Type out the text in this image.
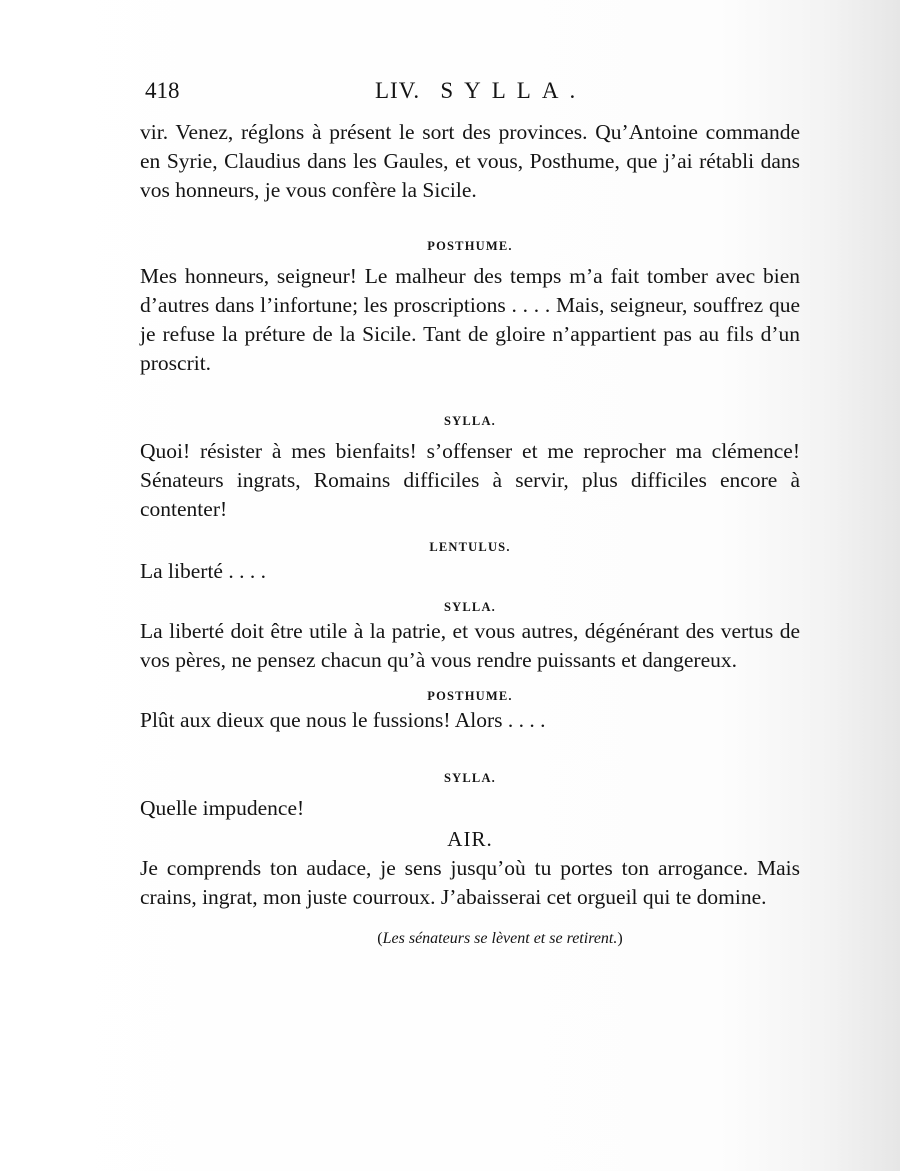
418	LIV. SYLLA.

vir. Venez, réglons à présent le sort des provinces. Qu’Antoine commande en Syrie, Claudius dans les Gaules, et vous, Posthume, que j’ai rétabli dans vos honneurs, je vous confère la Sicile.

POSTHUME.

Mes honneurs, seigneur! Le malheur des temps m’a fait tomber avec bien d’autres dans l’infortune; les proscriptions . . . . Mais, seigneur, souffrez que je refuse la préture de la Sicile. Tant de gloire n’appartient pas au fils d’un proscrit.

SYLLA.

Quoi! résister à mes bienfaits! s’offenser et me reprocher ma clémence! Sénateurs ingrats, Romains difficiles à servir, plus difficiles encore à contenter!

LENTULUS.

La liberté . . . .

SYLLA.

La liberté doit être utile à la patrie, et vous autres, dégénérant des vertus de vos pères, ne pensez chacun qu’à vous rendre puissants et dangereux.

POSTHUME.

Plût aux dieux que nous le fussions! Alors . . . .

SYLLA.

Quelle impudence!

AIR.

Je comprends ton audace, je sens jusqu’où tu portes ton arrogance. Mais crains, ingrat, mon juste courroux. J’abaisserai cet orgueil qui te domine.

(Les sénateurs se lèvent et se retirent.)
